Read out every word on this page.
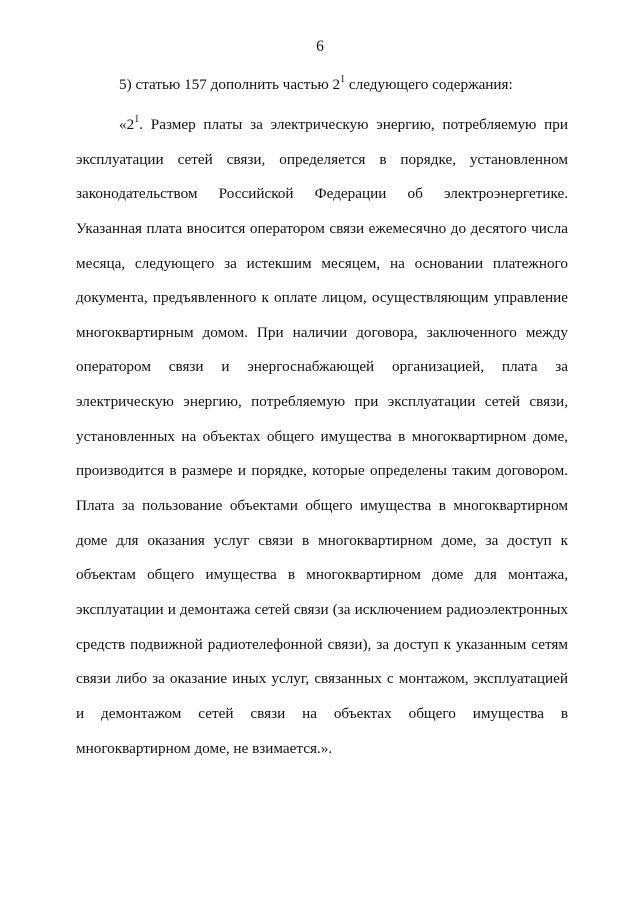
6
5) статью 157 дополнить частью $2^1$ следующего содержания:
«$2^1$. Размер платы за электрическую энергию, потребляемую при
эксплуатации сетей связи, определяется в порядке, установленном
законодательством Российской Федерации об электроэнергетике.
Указанная плата вносится оператором связи ежемесячно до десятого числа
месяца, следующего за истекшим месяцем, на основании платежного
документа, предъявленного к оплате лицом, осуществляющим управление
многоквартирным домом. При наличии договора, заключенного между
оператором связи и энергоснабжающей организацией, плата за
электрическую энергию, потребляемую при эксплуатации сетей связи,
установленных на объектах общего имущества в многоквартирном доме,
производится в размере и порядке, которые определены таким договором.
Плата за пользование объектами общего имущества в многоквартирном
доме для оказания услуг связи в многоквартирном доме, за доступ к
объектам общего имущества в многоквартирном доме для монтажа,
эксплуатации и демонтажа сетей связи (за исключением радиоэлектронных
средств подвижной радиотелефонной связи), за доступ к указанным сетям
связи либо за оказание иных услуг, связанных с монтажом, эксплуатацией
и демонтажом сетей связи на объектах общего имущества в
многоквартирном доме, не взимается.».
